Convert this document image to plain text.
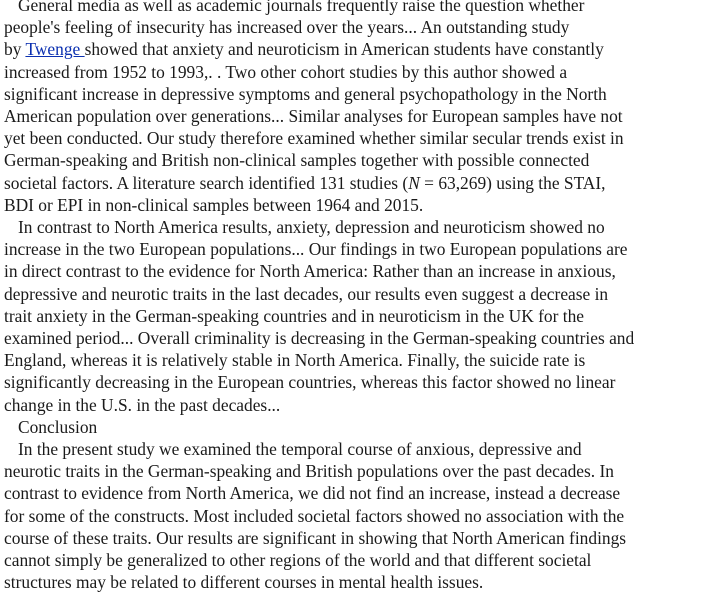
General media as well as academic journals frequently raise the question whether
people's feeling of insecurity has increased over the years... An outstanding study
by Twenge showed that anxiety and neuroticism in American students have constantly
increased from 1952 to 1993,. . Two other cohort studies by this author showed a
significant increase in depressive symptoms and general psychopathology in the North
American population over generations... Similar analyses for European samples have not
yet been conducted. Our study therefore examined whether similar secular trends exist in
German-speaking and British non-clinical samples together with possible connected
societal factors. A literature search identified 131 studies (N = 63,269) using the STAI,
BDI or EPI in non-clinical samples between 1964 and 2015.
In contrast to North America results, anxiety, depression and neuroticism showed no
increase in the two European populations... Our findings in two European populations are
in direct contrast to the evidence for North America: Rather than an increase in anxious,
depressive and neurotic traits in the last decades, our results even suggest a decrease in
trait anxiety in the German-speaking countries and in neuroticism in the UK for the
examined period... Overall criminality is decreasing in the German-speaking countries and
England, whereas it is relatively stable in North America. Finally, the suicide rate is
significantly decreasing in the European countries, whereas this factor showed no linear
change in the U.S. in the past decades...
Conclusion
In the present study we examined the temporal course of anxious, depressive and
neurotic traits in the German-speaking and British populations over the past decades. In
contrast to evidence from North America, we did not find an increase, instead a decrease
for some of the constructs. Most included societal factors showed no association with the
course of these traits. Our results are significant in showing that North American findings
cannot simply be generalized to other regions of the world and that different societal
structures may be related to different courses in mental health issues.
